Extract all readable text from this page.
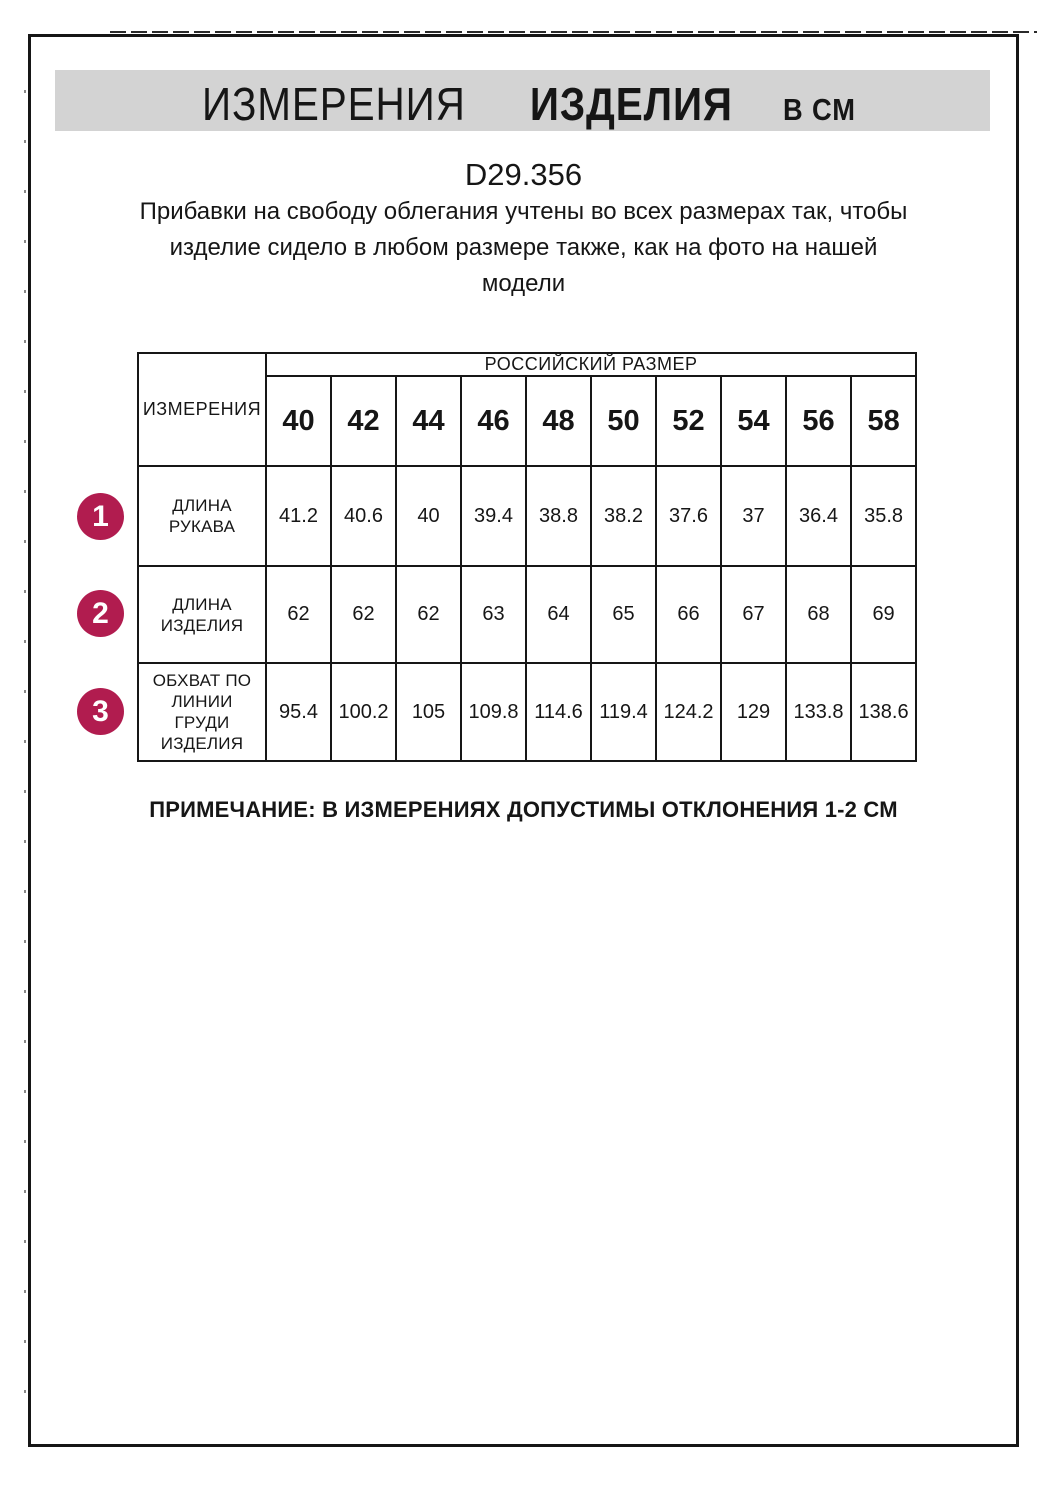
ИЗМЕРЕНИЯ ИЗДЕЛИЯ В СМ
D29.356
Прибавки на свободу облегания учтены во всех размерах так, чтобы
изделие сидело в любом размере также, как на фото на нашей
модели
ИЗМЕРЕНИЯ	РОССИЙСКИЙ РАЗМЕР									
	40	42	44	46	48	50	52	54	56	58

ДЛИНА
РУКАВА	41.2	40.6	40	39.4	38.8	38.2	37.6	37	36.4	35.8

ДЛИНА
ИЗДЕЛИЯ	62	62	62	63	64	65	66	67	68	69

ОБХВАТ ПО
ЛИНИИ
ГРУДИ
ИЗДЕЛИЯ	95.4	100.2	105	109.8	114.6	119.4	124.2	129	133.8	138.6
1
2
3
ПРИМЕЧАНИЕ: В ИЗМЕРЕНИЯХ ДОПУСТИМЫ ОТКЛОНЕНИЯ 1-2 СМ
